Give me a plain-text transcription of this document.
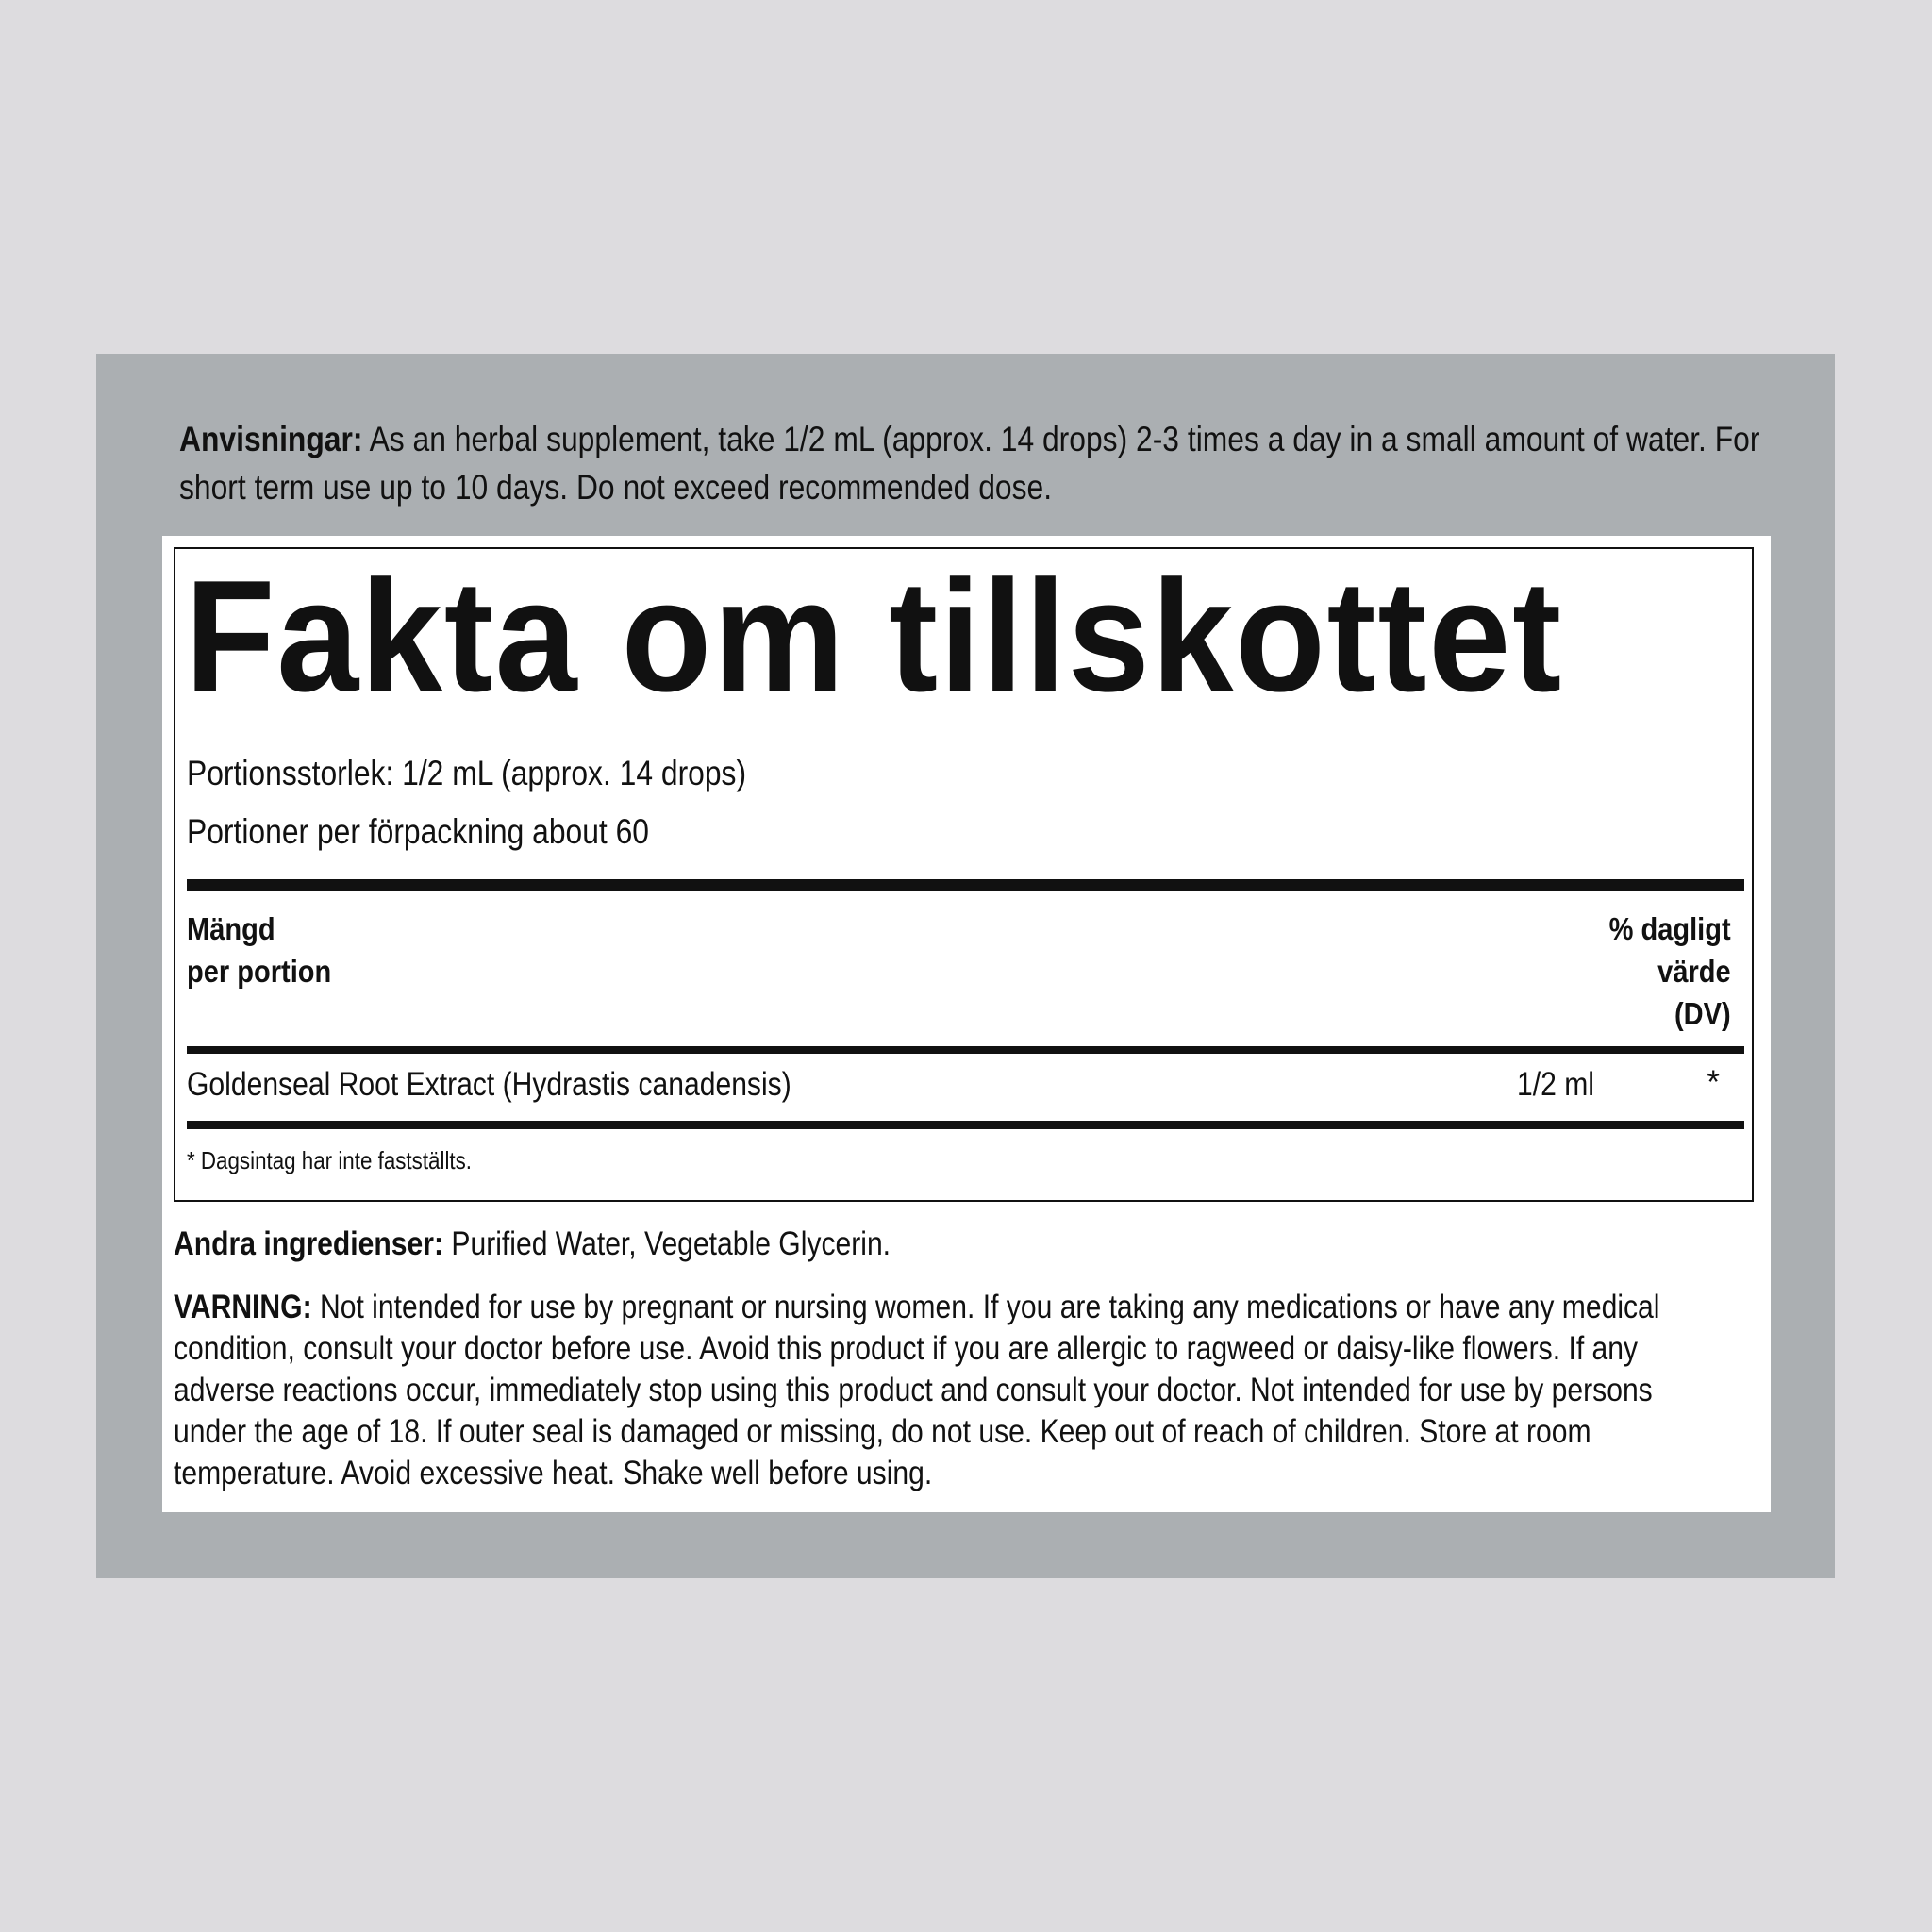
Anvisningar: As an herbal supplement, take 1/2 mL (approx. 14 drops) 2-3 times a day in a small amount of water. For short term use up to 10 days. Do not exceed recommended dose.
Fakta om tillskottet
Portionsstorlek: 1/2 mL (approx. 14 drops)
Portioner per förpackning about 60
Mängd
per portion
% dagligt
värde
(DV)
Goldenseal Root Extract (Hydrastis canadensis)	1/2 ml	*
* Dagsintag har inte fastställts.
Andra ingredienser: Purified Water, Vegetable Glycerin.
VARNING: Not intended for use by pregnant or nursing women. If you are taking any medications or have any medical condition, consult your doctor before use. Avoid this product if you are allergic to ragweed or daisy-like flowers. If any adverse reactions occur, immediately stop using this product and consult your doctor. Not intended for use by persons under the age of 18. If outer seal is damaged or missing, do not use. Keep out of reach of children. Store at room temperature. Avoid excessive heat. Shake well before using.
